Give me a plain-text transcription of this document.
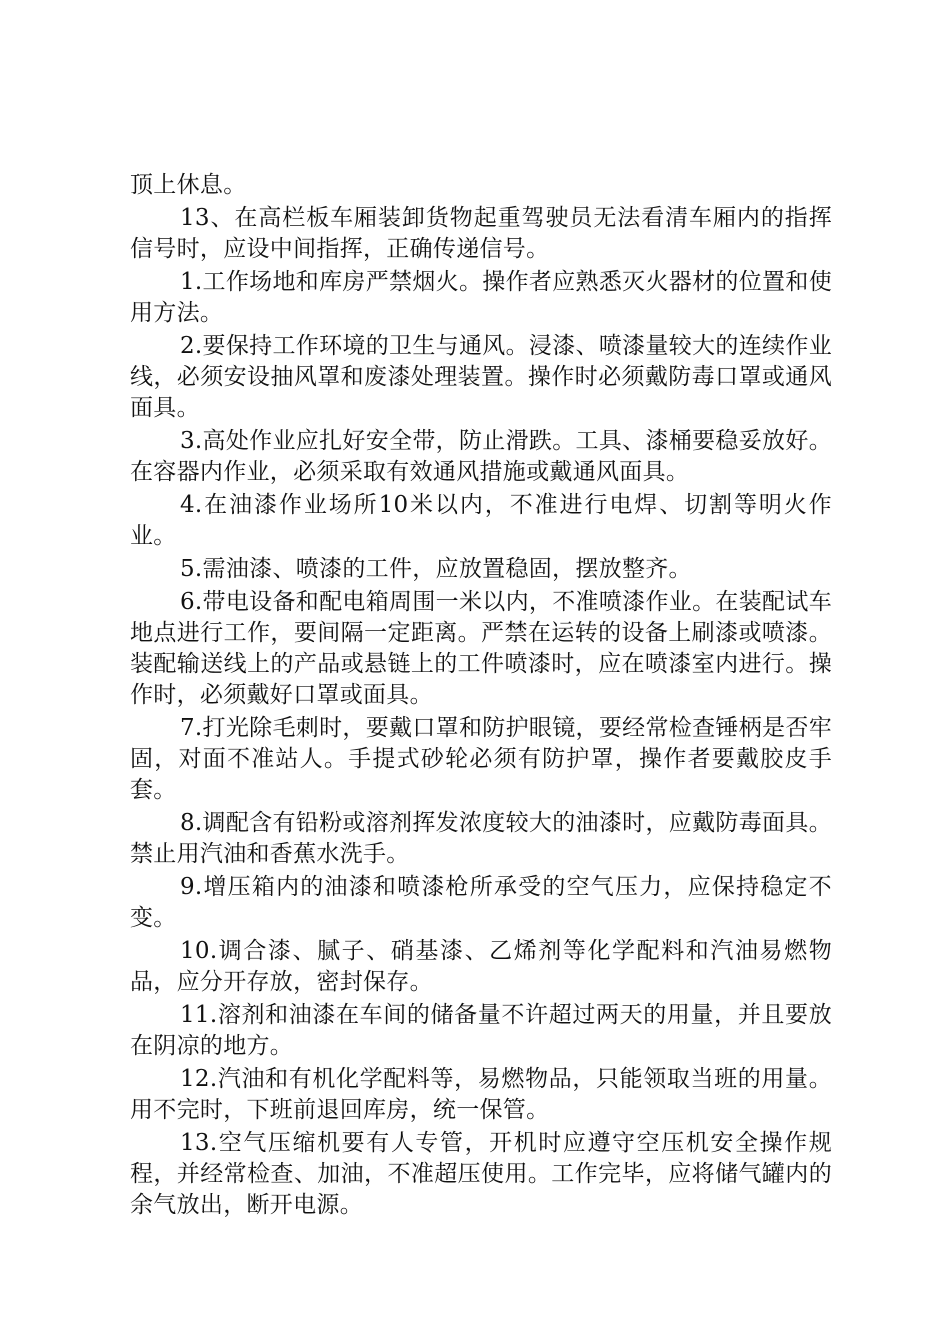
顶上休息。

13、在高栏板车厢装卸货物起重驾驶员无法看清车厢内的指挥信号时，应设中间指挥，正确传递信号。

1.工作场地和库房严禁烟火。操作者应熟悉灭火器材的位置和使用方法。

2.要保持工作环境的卫生与通风。浸漆、喷漆量较大的连续作业线，必须安设抽风罩和废漆处理装置。操作时必须戴防毒口罩或通风面具。

3.高处作业应扎好安全带，防止滑跌。工具、漆桶要稳妥放好。在容器内作业，必须采取有效通风措施或戴通风面具。

4.在油漆作业场所10米以内，不准进行电焊、切割等明火作业。

5.需油漆、喷漆的工件，应放置稳固，摆放整齐。

6.带电设备和配电箱周围一米以内，不准喷漆作业。在装配试车地点进行工作，要间隔一定距离。严禁在运转的设备上刷漆或喷漆。装配输送线上的产品或悬链上的工件喷漆时，应在喷漆室内进行。操作时，必须戴好口罩或面具。

7.打光除毛刺时，要戴口罩和防护眼镜，要经常检查锤柄是否牢固，对面不准站人。手提式砂轮必须有防护罩，操作者要戴胶皮手套。

8.调配含有铅粉或溶剂挥发浓度较大的油漆时，应戴防毒面具。禁止用汽油和香蕉水洗手。

9.增压箱内的油漆和喷漆枪所承受的空气压力，应保持稳定不变。

10.调合漆、腻子、硝基漆、乙烯剂等化学配料和汽油易燃物品，应分开存放，密封保存。

11.溶剂和油漆在车间的储备量不许超过两天的用量，并且要放在阴凉的地方。

12.汽油和有机化学配料等，易燃物品，只能领取当班的用量。用不完时，下班前退回库房，统一保管。

13.空气压缩机要有人专管，开机时应遵守空压机安全操作规程，并经常检查、加油，不准超压使用。工作完毕，应将储气罐内的余气放出，断开电源。
